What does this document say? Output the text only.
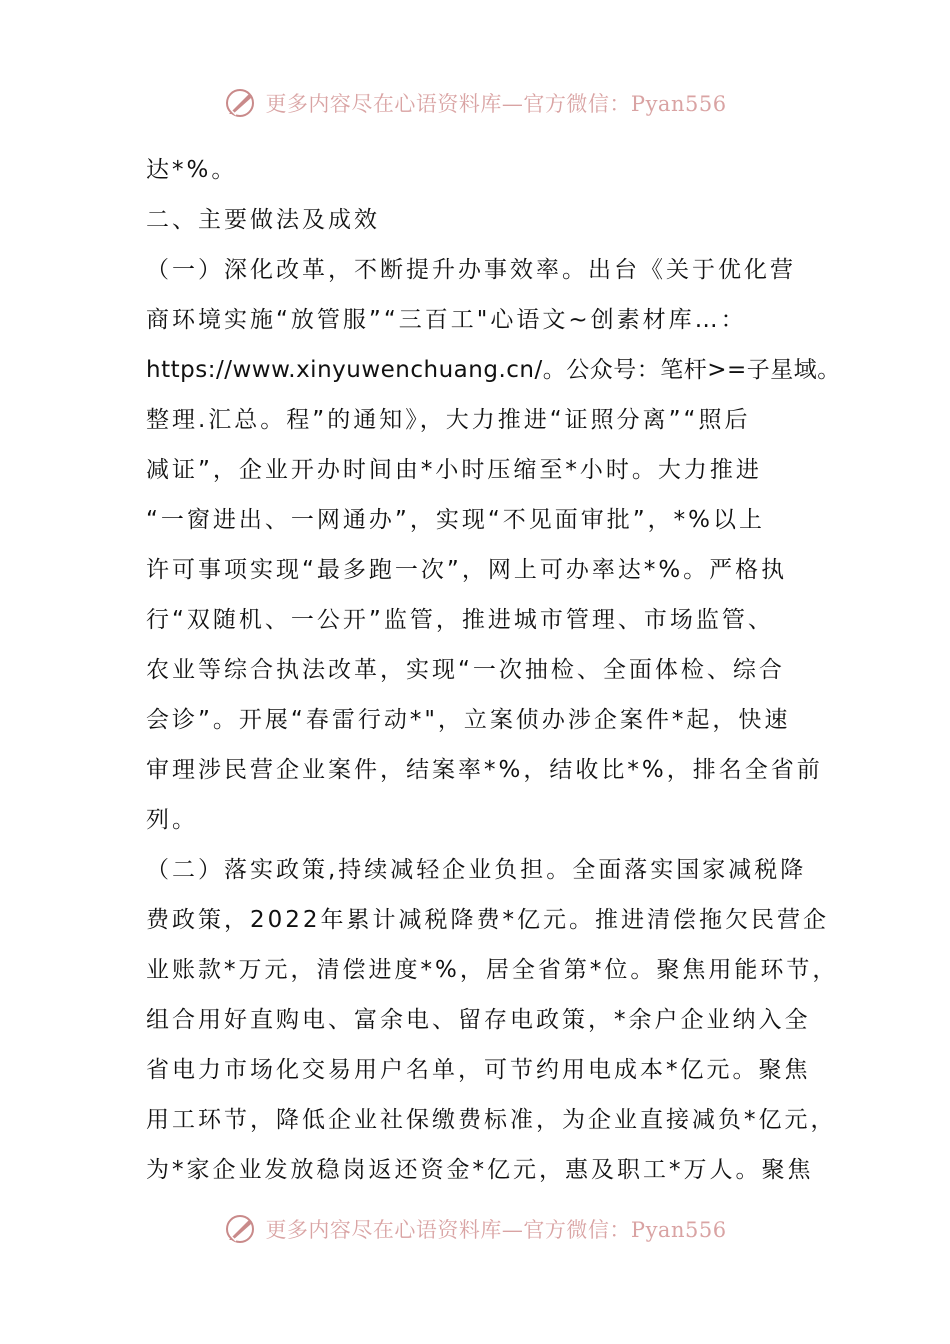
更多内容尽在心语资料库—官方微信：Pyan556
达*%。
二、主要做法及成效
（一）深化改革，不断提升办事效率。出台《关于优化营
商环境实施“放管服”“三百工"心语文~创素材库…：
https://www.xinyuwenchuang.cn/。公众号：笔杆>=子星域。
整理.汇总。程”的通知》，大力推进“证照分离”“照后
减证”，企业开办时间由*小时压缩至*小时。大力推进
“一窗进出、一网通办”，实现“不见面审批”，*%以上
许可事项实现“最多跑一次”，网上可办率达*%。严格执
行“双随机、一公开”监管，推进城市管理、市场监管、
农业等综合执法改革，实现“一次抽检、全面体检、综合
会诊”。开展“春雷行动*"，立案侦办涉企案件*起，快速
审理涉民营企业案件，结案率*%，结收比*%，排名全省前
列。
（二）落实政策,持续减轻企业负担。全面落实国家减税降
费政策，2022年累计减税降费*亿元。推进清偿拖欠民营企
业账款*万元，清偿进度*%，居全省第*位。聚焦用能环节，
组合用好直购电、富余电、留存电政策，*余户企业纳入全
省电力市场化交易用户名单，可节约用电成本*亿元。聚焦
用工环节，降低企业社保缴费标准，为企业直接减负*亿元，
为*家企业发放稳岗返还资金*亿元，惠及职工*万人。聚焦
更多内容尽在心语资料库—官方微信：Pyan556
